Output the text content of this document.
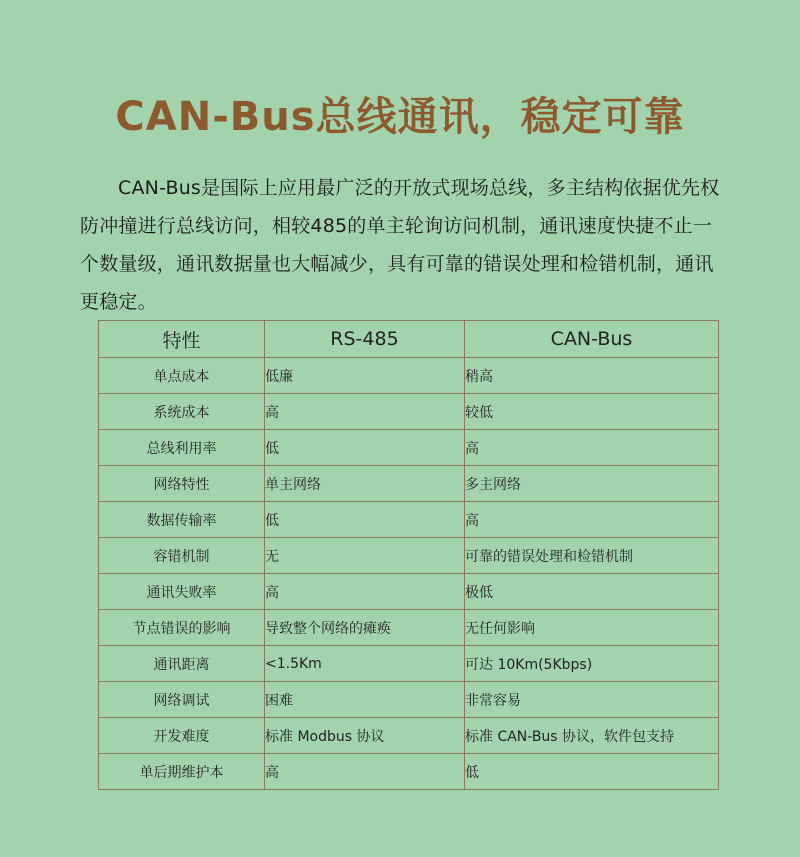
CAN-Bus总线通讯，稳定可靠

CAN-Bus是国际上应用最广泛的开放式现场总线，多主结构依据优先权防冲撞进行总线访问，相较485的单主轮询访问机制，通讯速度快捷不止一个数量级，通讯数据量也大幅减少，具有可靠的错误处理和检错机制，通讯更稳定。

特性	RS-485	CAN-Bus
单点成本	低廉	稍高
系统成本	高	较低
总线利用率	低	高
网络特性	单主网络	多主网络
数据传输率	低	高
容错机制	无	可靠的错误处理和检错机制
通讯失败率	高	极低
节点错误的影响	导致整个网络的瘫痪	无任何影响
通讯距离	<1.5Km	可达 10Km(5Kbps)
网络调试	困难	非常容易
开发难度	标准 Modbus 协议	标准 CAN-Bus 协议，软件包支持
单后期维护本	高	低
